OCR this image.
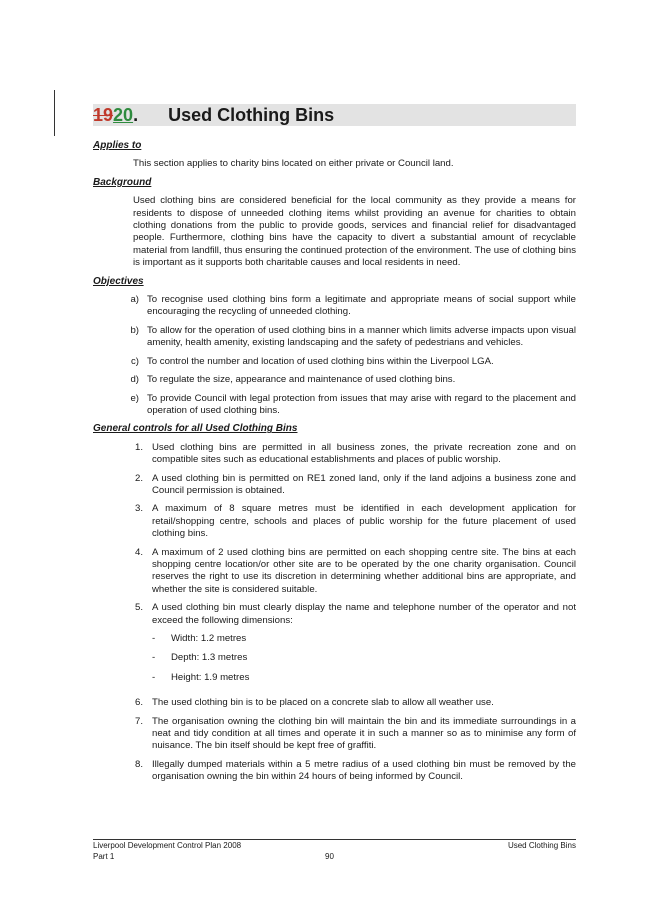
19 20 . Used Clothing Bins
Applies to

This section applies to charity bins located on either private or Council land.

Background

Used clothing bins are considered beneficial for the local community as they provide a means for residents to dispose of unneeded clothing items whilst providing an avenue for charities to obtain clothing donations from the public to provide goods, services and financial relief for disadvantaged people. Furthermore, clothing bins have the capacity to divert a substantial amount of recyclable material from landfill, thus ensuring the continued protection of the environment. The use of clothing bins is important as it supports both charitable causes and local residents in need.

Objectives
a) To recognise used clothing bins form a legitimate and appropriate means of social support while encouraging the recycling of unneeded clothing.
b) To allow for the operation of used clothing bins in a manner which limits adverse impacts upon visual amenity, health amenity, existing landscaping and the safety of pedestrians and vehicles.
c) To control the number and location of used clothing bins within the Liverpool LGA.
d) To regulate the size, appearance and maintenance of used clothing bins.
e) To provide Council with legal protection from issues that may arise with regard to the placement and operation of used clothing bins.
General controls for all Used Clothing Bins
1. Used clothing bins are permitted in all business zones, the private recreation zone and on compatible sites such as educational establishments and places of public worship.
2. A used clothing bin is permitted on RE1 zoned land, only if the land adjoins a business zone and Council permission is obtained.
3. A maximum of 8 square metres must be identified in each development application for retail/shopping centre, schools and places of public worship for the future placement of used clothing bins.
4. A maximum of 2 used clothing bins are permitted on each shopping centre site. The bins at each shopping centre location/or other site are to be operated by the one charity organisation. Council reserves the right to use its discretion in determining whether additional bins are appropriate, and whether the site is considered suitable.
5. A used clothing bin must clearly display the name and telephone number of the operator and not exceed the following dimensions:
-	Width: 1.2 metres
-	Depth: 1.3 metres
-	Height: 1.9 metres
6. The used clothing bin is to be placed on a concrete slab to allow all weather use.
7. The organisation owning the clothing bin will maintain the bin and its immediate surroundings in a neat and tidy condition at all times and operate it in such a manner so as to minimise any form of nuisance. The bin itself should be kept free of graffiti.
8. Illegally dumped materials within a 5 metre radius of a used clothing bin must be removed by the organisation owning the bin within 24 hours of being informed by Council.
Liverpool Development Control Plan 2008	Used Clothing Bins
Part 1	90
